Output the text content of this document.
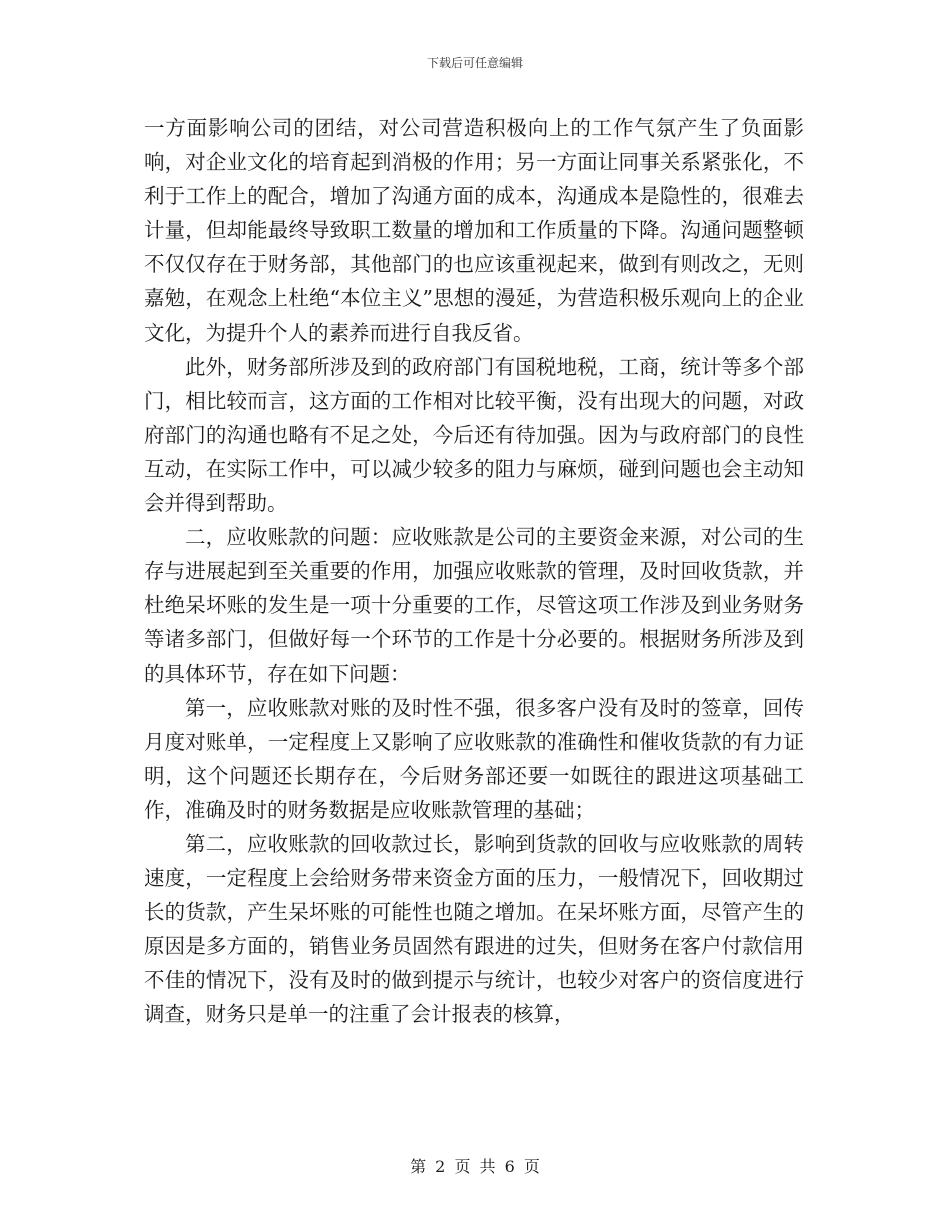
下载后可任意编辑

一方面影响公司的团结，对公司营造积极向上的工作气氛产生了负面影响，对企业文化的培育起到消极的作用；另一方面让同事关系紧张化，不利于工作上的配合，增加了沟通方面的成本，沟通成本是隐性的，很难去计量，但却能最终导致职工数量的增加和工作质量的下降。沟通问题整顿不仅仅存在于财务部，其他部门的也应该重视起来，做到有则改之，无则嘉勉，在观念上杜绝“本位主义”思想的漫延，为营造积极乐观向上的企业文化，为提升个人的素养而进行自我反省。

此外，财务部所涉及到的政府部门有国税地税，工商，统计等多个部门，相比较而言，这方面的工作相对比较平衡，没有出现大的问题，对政府部门的沟通也略有不足之处，今后还有待加强。因为与政府部门的良性互动，在实际工作中，可以减少较多的阻力与麻烦，碰到问题也会主动知会并得到帮助。

二，应收账款的问题：应收账款是公司的主要资金来源，对公司的生存与进展起到至关重要的作用，加强应收账款的管理，及时回收货款，并杜绝呆坏账的发生是一项十分重要的工作，尽管这项工作涉及到业务财务等诸多部门，但做好每一个环节的工作是十分必要的。根据财务所涉及到的具体环节，存在如下问题：

第一，应收账款对账的及时性不强，很多客户没有及时的签章，回传月度对账单，一定程度上又影响了应收账款的准确性和催收货款的有力证明，这个问题还长期存在，今后财务部还要一如既往的跟进这项基础工作，准确及时的财务数据是应收账款管理的基础；

第二，应收账款的回收款过长，影响到货款的回收与应收账款的周转速度，一定程度上会给财务带来资金方面的压力，一般情况下，回收期过长的货款，产生呆坏账的可能性也随之增加。在呆坏账方面，尽管产生的原因是多方面的，销售业务员固然有跟进的过失，但财务在客户付款信用不佳的情况下，没有及时的做到提示与统计，也较少对客户的资信度进行调查，财务只是单一的注重了会计报表的核算，

第 2 页 共 6 页
